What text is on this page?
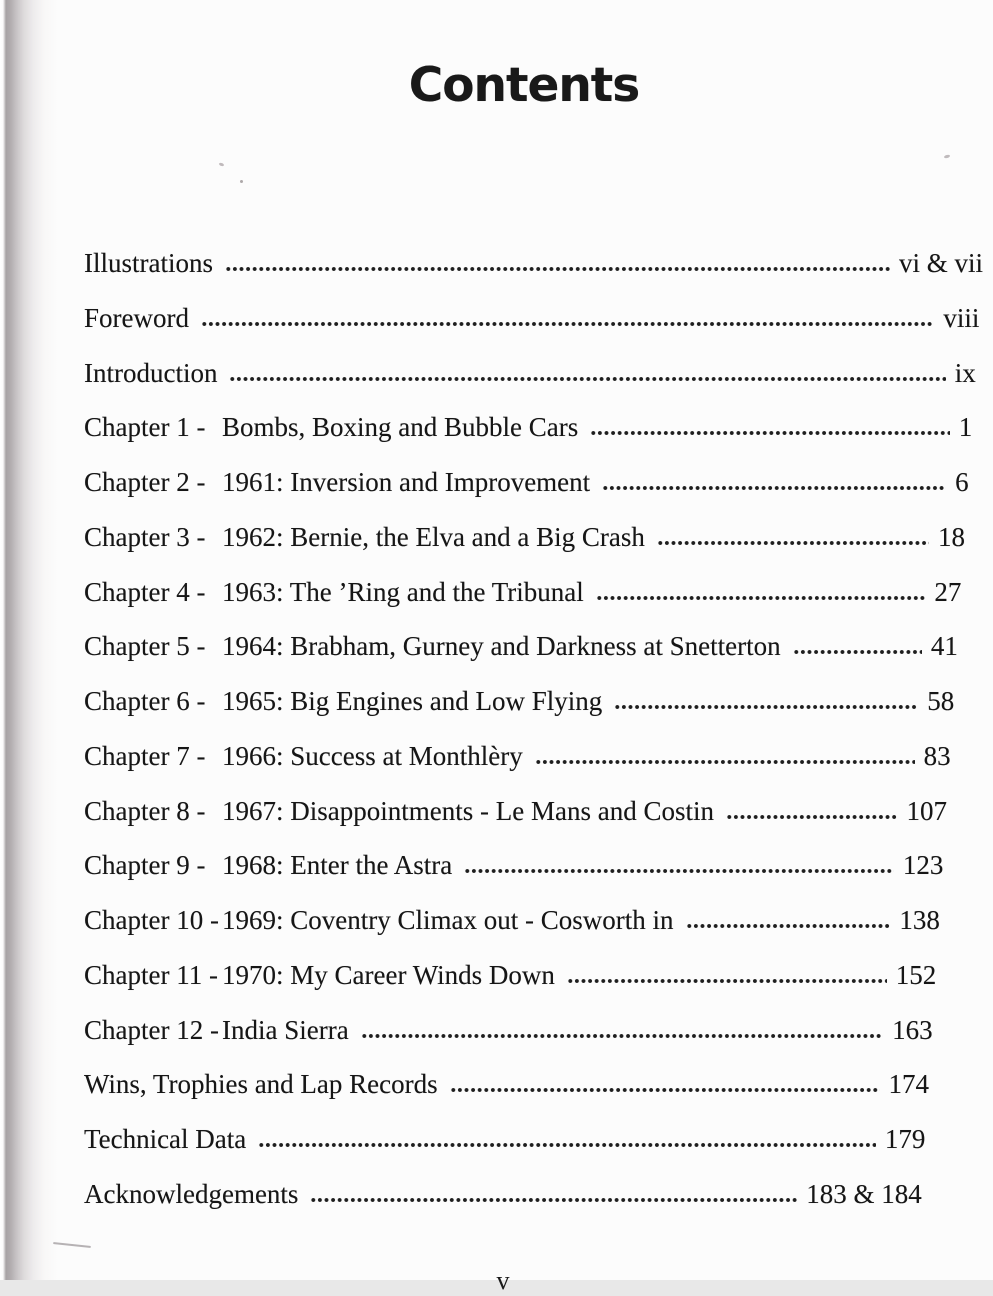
Contents
Illustrations	vi & vii
Foreword	viii
Introduction	ix
Chapter 1 - Bombs, Boxing and Bubble Cars	1
Chapter 2 - 1961: Inversion and Improvement	6
Chapter 3 - 1962: Bernie, the Elva and a Big Crash	18
Chapter 4 - 1963: The ’Ring and the Tribunal	27
Chapter 5 - 1964: Brabham, Gurney and Darkness at Snetterton	41
Chapter 6 - 1965: Big Engines and Low Flying	58
Chapter 7 - 1966: Success at Monthlèry	83
Chapter 8 - 1967: Disappointments - Le Mans and Costin	107
Chapter 9 - 1968: Enter the Astra	123
Chapter 10 - 1969: Coventry Climax out - Cosworth in	138
Chapter 11 - 1970: My Career Winds Down	152
Chapter 12 - India Sierra	163
Wins, Trophies and Lap Records	174
Technical Data	179
Acknowledgements	183 & 184
v
